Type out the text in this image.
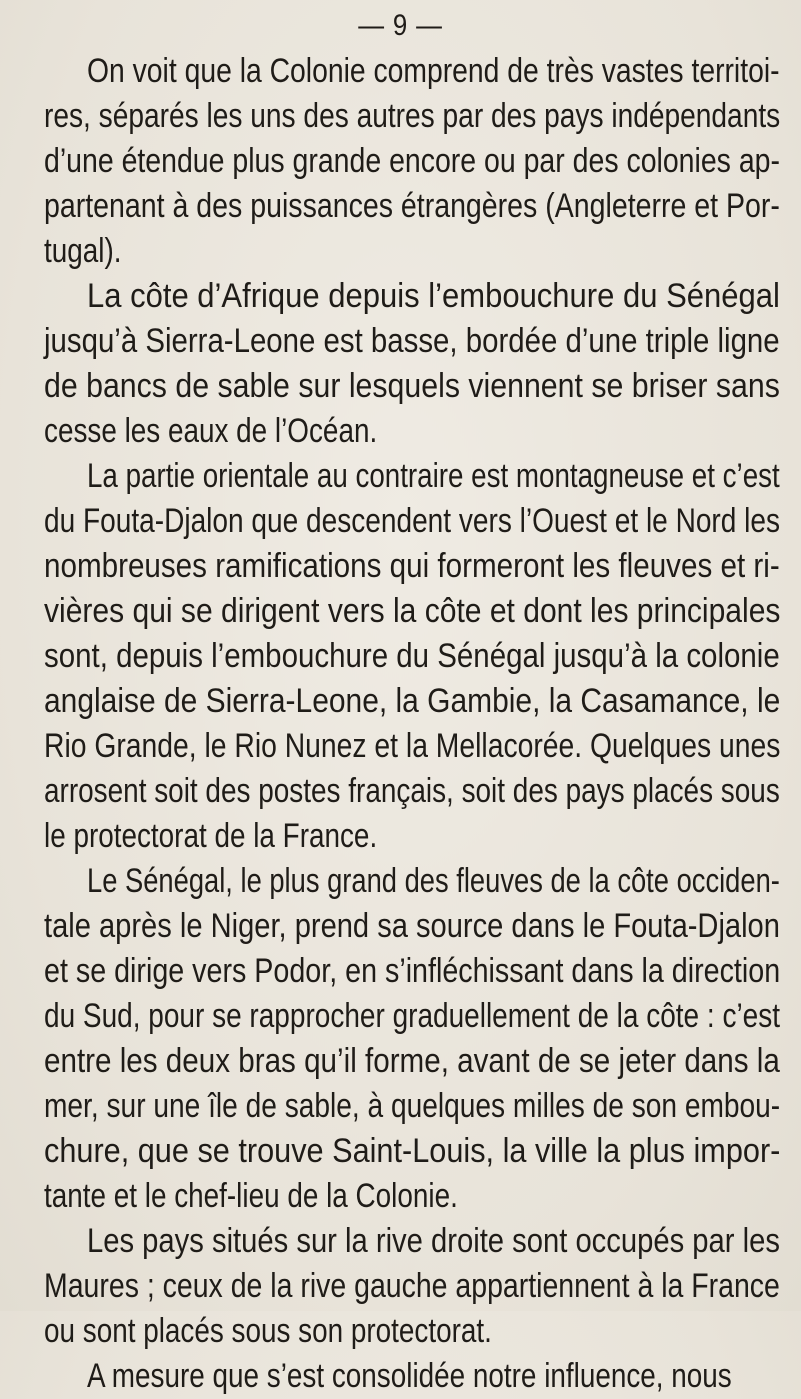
— 9 —
On voit que la Colonie comprend de très vastes territoi-
res, séparés les uns des autres par des pays indépendants
d’une étendue plus grande encore ou par des colonies ap-
partenant à des puissances étrangères (Angleterre et Por-
tugal).
La côte d’Afrique depuis l’embouchure du Sénégal
jusqu’à Sierra-Leone est basse, bordée d’une triple ligne
de bancs de sable sur lesquels viennent se briser sans
cesse les eaux de l’Océan.
La partie orientale au contraire est montagneuse et c’est
du Fouta-Djalon que descendent vers l’Ouest et le Nord les
nombreuses ramifications qui formeront les fleuves et ri-
vières qui se dirigent vers la côte et dont les principales
sont, depuis l’embouchure du Sénégal jusqu’à la colonie
anglaise de Sierra-Leone, la Gambie, la Casamance, le
Rio Grande, le Rio Nunez et la Mellacorée. Quelques unes
arrosent soit des postes français, soit des pays placés sous
le protectorat de la France.
Le Sénégal, le plus grand des fleuves de la côte occiden-
tale après le Niger, prend sa source dans le Fouta-Djalon
et se dirige vers Podor, en s’infléchissant dans la direction
du Sud, pour se rapprocher graduellement de la côte : c’est
entre les deux bras qu’il forme, avant de se jeter dans la
mer, sur une île de sable, à quelques milles de son embou-
chure, que se trouve Saint-Louis, la ville la plus impor-
tante et le chef-lieu de la Colonie.
Les pays situés sur la rive droite sont occupés par les
Maures ; ceux de la rive gauche appartiennent à la France
ou sont placés sous son protectorat.
A mesure que s’est consolidée notre influence, nous
